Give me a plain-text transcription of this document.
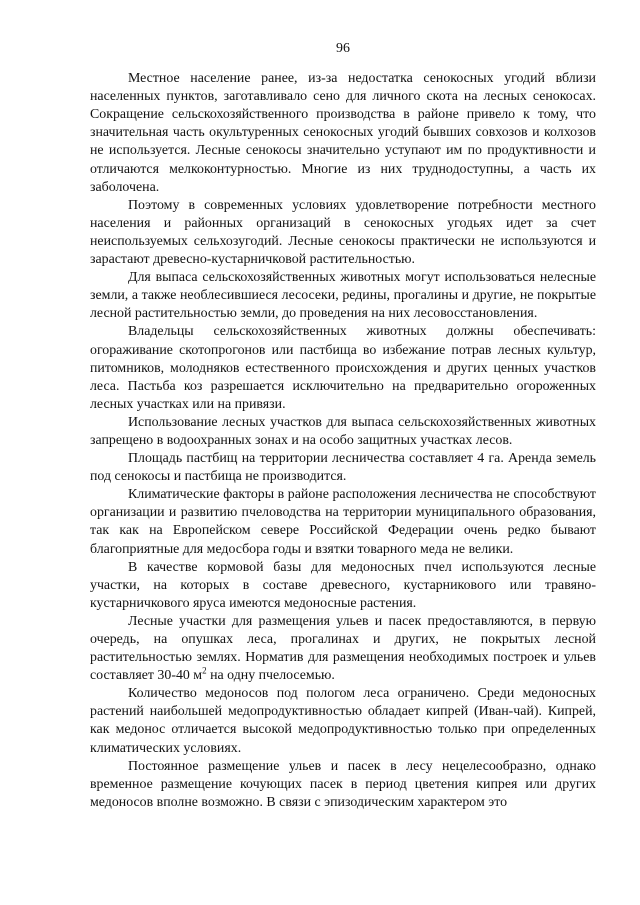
96

Местное население ранее, из-за недостатка сенокосных угодий вблизи населенных пунктов, заготавливало сено для личного скота на лесных сенокосах. Сокращение сельскохозяйственного производства в районе привело к тому, что значительная часть окультуренных сенокосных угодий бывших совхозов и колхозов не используется. Лесные сенокосы значительно уступают им по продуктивности и отличаются мелкоконтурностью. Многие из них труднодоступны, а часть их заболочена.

Поэтому в современных условиях удовлетворение потребности местного населения и районных организаций в сенокосных угодьях идет за счет неиспользуемых сельхозугодий. Лесные сенокосы практически не используются и зарастают древесно-кустарничковой растительностью.

Для выпаса сельскохозяйственных животных могут использоваться нелесные земли, а также необлесившиеся лесосеки, редины, прогалины и другие, не покрытые лесной растительностью земли, до проведения на них лесовосстановления.

Владельцы сельскохозяйственных животных должны обеспечивать: огораживание скотопрогонов или пастбища во избежание потрав лесных культур, питомников, молодняков естественного происхождения и других ценных участков леса. Пастьба коз разрешается исключительно на предварительно огороженных лесных участках или на привязи.

Использование лесных участков для выпаса сельскохозяйственных животных запрещено в водоохранных зонах и на особо защитных участках лесов.

Площадь пастбищ на территории лесничества составляет 4 га. Аренда земель под сенокосы и пастбища не производится.

Климатические факторы в районе расположения лесничества не способствуют организации и развитию пчеловодства на территории муниципального образования, так как на Европейском севере Российской Федерации очень редко бывают благоприятные для медосбора годы и взятки товарного меда не велики.

В качестве кормовой базы для медоносных пчел используются лесные участки, на которых в составе древесного, кустарникового или травяно-кустарничкового яруса имеются медоносные растения.

Лесные участки для размещения ульев и пасек предоставляются, в первую очередь, на опушках леса, прогалинах и других, не покрытых лесной растительностью землях. Норматив для размещения необходимых построек и ульев составляет 30-40 $м^2$ на одну пчелосемью.

Количество медоносов под пологом леса ограничено. Среди медоносных растений наибольшей медопродуктивностью обладает кипрей (Иван-чай). Кипрей, как медонос отличается высокой медопродуктивностью только при определенных климатических условиях.

Постоянное размещение ульев и пасек в лесу нецелесообразно, однако временное размещение кочующих пасек в период цветения кипрея или других медоносов вполне возможно. В связи с эпизодическим характером это
